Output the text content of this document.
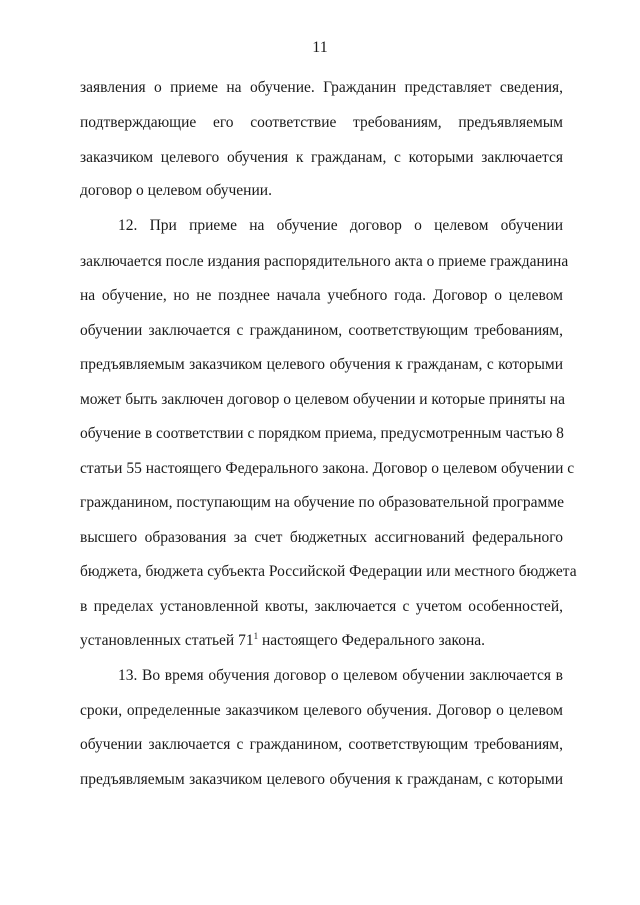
11
заявления о приеме на обучение. Гражданин представляет сведения,
подтверждающие его соответствие требованиям, предъявляемым
заказчиком целевого обучения к гражданам, с которыми заключается
договор о целевом обучении.
12. При приеме на обучение договор о целевом обучении
заключается после издания распорядительного акта о приеме гражданина
на обучение, но не позднее начала учебного года. Договор о целевом
обучении заключается с гражданином, соответствующим требованиям,
предъявляемым заказчиком целевого обучения к гражданам, с которыми
может быть заключен договор о целевом обучении и которые приняты на
обучение в соответствии с порядком приема, предусмотренным частью 8
статьи 55 настоящего Федерального закона. Договор о целевом обучении с
гражданином, поступающим на обучение по образовательной программе
высшего образования за счет бюджетных ассигнований федерального
бюджета, бюджета субъекта Российской Федерации или местного бюджета
в пределах установленной квоты, заключается с учетом особенностей,
установленных статьей $71^1$ настоящего Федерального закона.
13. Во время обучения договор о целевом обучении заключается в
сроки, определенные заказчиком целевого обучения. Договор о целевом
обучении заключается с гражданином, соответствующим требованиям,
предъявляемым заказчиком целевого обучения к гражданам, с которыми
